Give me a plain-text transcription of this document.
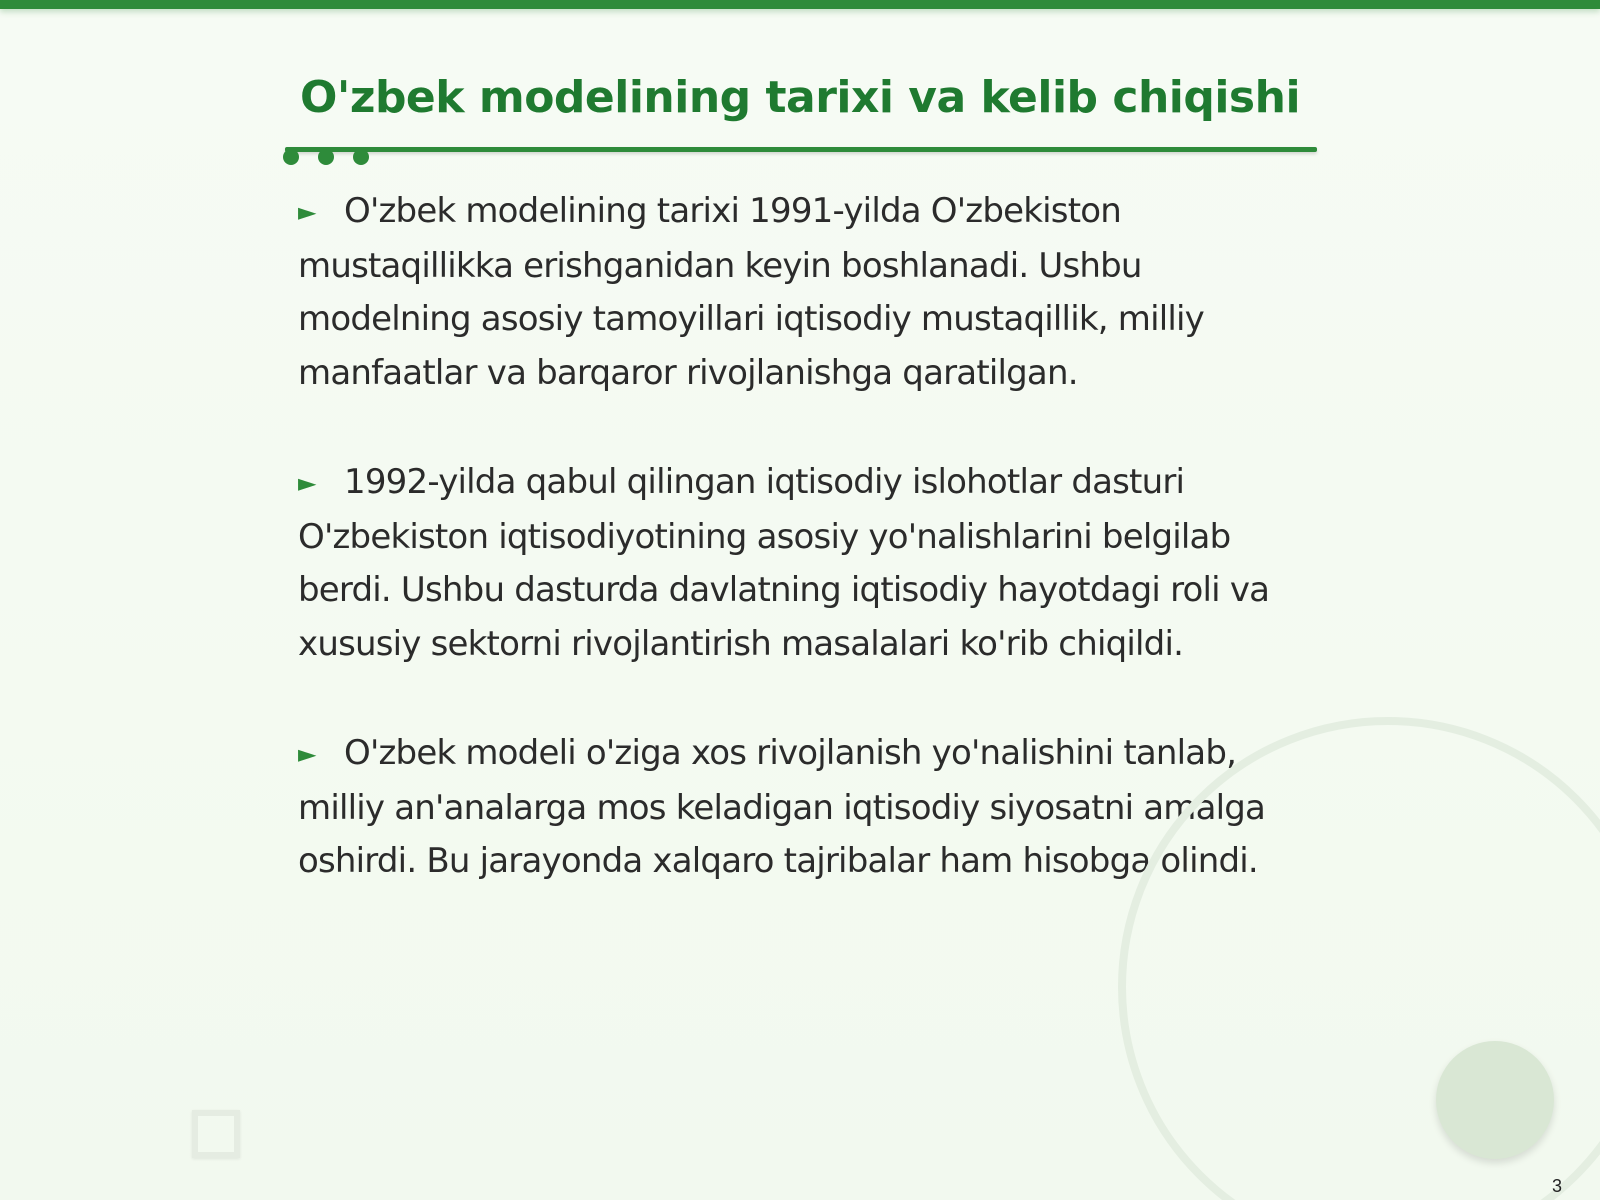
O'zbek modelining tarixi va kelib chiqishi

► O'zbek modelining tarixi 1991-yilda O'zbekiston mustaqillikka erishganidan keyin boshlanadi. Ushbu modelning asosiy tamoyillari iqtisodiy mustaqillik, milliy manfaatlar va barqaror rivojlanishga qaratilgan.

► 1992-yilda qabul qilingan iqtisodiy islohotlar dasturi O'zbekiston iqtisodiyotining asosiy yo'nalishlarini belgilab berdi. Ushbu dasturda davlatning iqtisodiy hayotdagi roli va xususiy sektorni rivojlantirish masalalari ko'rib chiqildi.

► O'zbek modeli o'ziga xos rivojlanish yo'nalishini tanlab, milliy an'analarga mos keladigan iqtisodiy siyosatni amalga oshirdi. Bu jarayonda xalqaro tajribalar ham hisobga olindi.

3
